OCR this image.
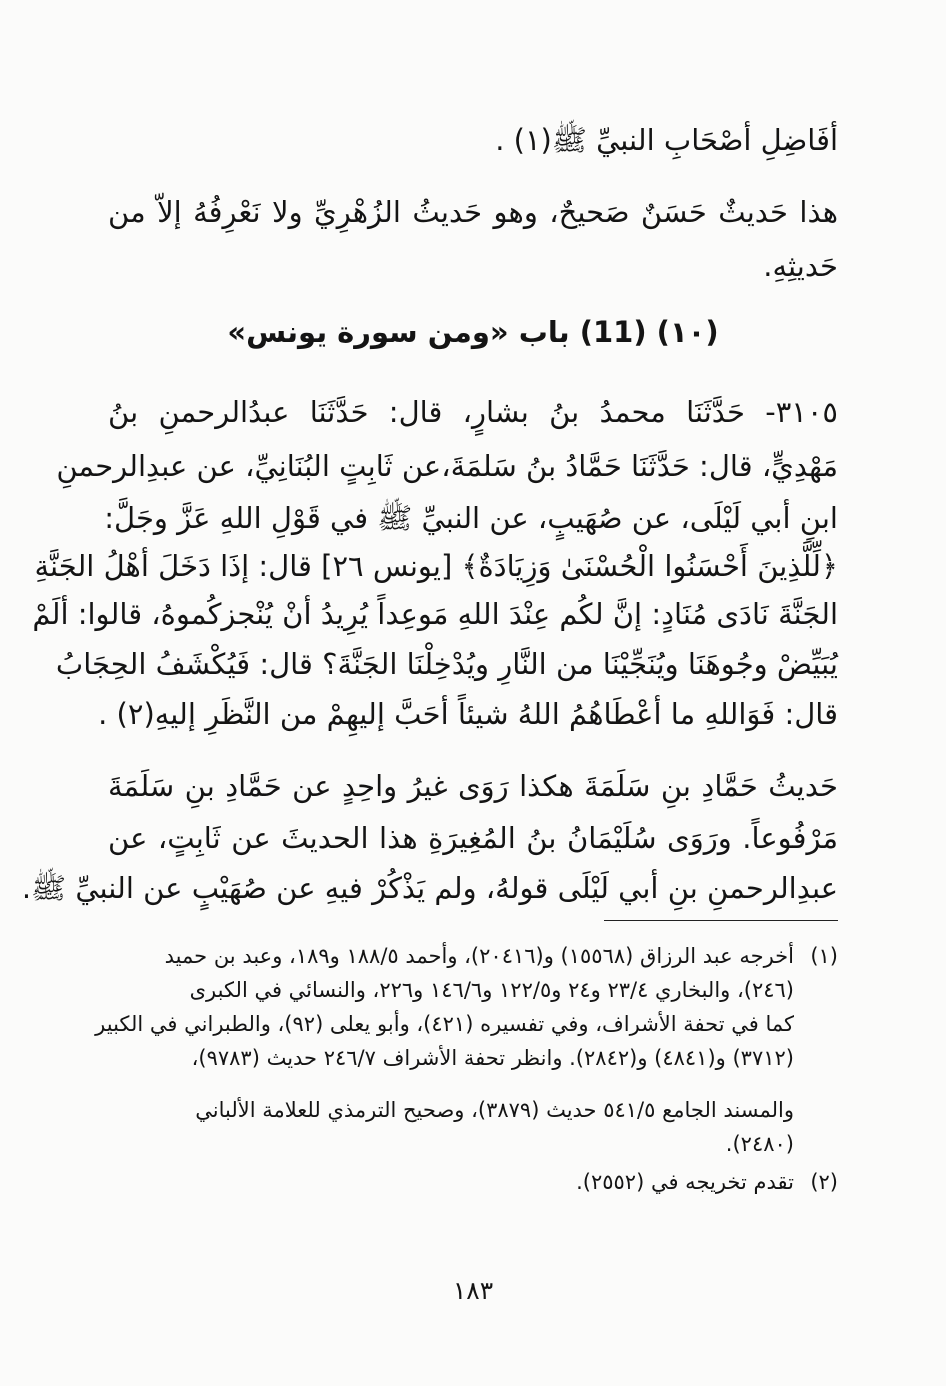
أفَاضِلِ أصْحَابِ النبيِّ ﷺ(١) .
هذا حَديثٌ حَسَنٌ صَحيحٌ، وهو حَديثُ الزُهْرِيِّ ولا نَعْرِفُهُ إلاّ من
حَديثِهِ.
(١٠) (11) باب «ومن سورة يونس»
٣١٠٥- حَدَّثَنَا محمدُ بنُ بشارٍ، قال: حَدَّثَنَا عبدُالرحمنِ بنُ
مَهْدِيٍّ، قال: حَدَّثَنَا حَمَّادُ بنُ سَلمَةَ،عن ثَابِتٍ البُنَانِيِّ، عن عبدِالرحمنِ
ابنِ أبي لَيْلَى، عن صُهَيبٍ، عن النبيِّ ﷺ في قَوْلِ اللهِ عَزَّ وجَلَّ:
﴿لِّلَّذِينَ أَحْسَنُوا الْحُسْنَىٰ وَزِيَادَةٌ﴾ [يونس ٢٦] قال: إذَا دَخَلَ أهْلُ الجَنَّةِ
الجَنَّةَ نَادَى مُنَادٍ: إنَّ لكُم عِنْدَ اللهِ مَوعِداً يُرِيدُ أنْ يُنْجزكُموهُ، قالوا: ألَمْ
يُبَيِّضْ وجُوهَنَا ويُنَجِّيْنَا من النَّارِ ويُدْخِلْنَا الجَنَّةَ؟ قال: فَيُكْشَفُ الحِجَابُ
قال: فَوَاللهِ ما أعْطَاهُمُ اللهُ شيئاً أحَبَّ إليهِمْ من النَّظَرِ إليهِ(٢) .
حَديثُ حَمَّادِ بنِ سَلَمَةَ هكذا رَوَى غيرُ واحِدٍ عن حَمَّادِ بنِ سَلَمَةَ
مَرْفُوعاً. ورَوَى سُلَيْمَانُ بنُ المُغِيرَةِ هذا الحديثَ عن ثَابِتٍ، عن
عبدِالرحمنِ بنِ أبي لَيْلَى قولهُ، ولم يَذْكُرْ فيهِ عن صُهَيْبٍ عن النبيِّ ﷺ.
(١)أخرجه عبد الرزاق (١٥٥٦٨) و(٢٠٤١٦)، وأحمد ١٨٨/٥ و١٨٩، وعبد بن حميد
(٢٤٦)، والبخاري ٢٣/٤ و٢٤ و١٢٢/٥ و١٤٦/٦ و٢٢٦، والنسائي في الكبرى
كما في تحفة الأشراف، وفي تفسيره (٤٢١)، وأبو يعلى (٩٢)، والطبراني في الكبير
(٣٧١٢) و(٤٨٤١) و(٢٨٤٢). وانظر تحفة الأشراف ٢٤٦/٧ حديث (٩٧٨٣)،
والمسند الجامع ٥٤١/٥ حديث (٣٨٧٩)، وصحيح الترمذي للعلامة الألباني
(٢٤٨٠).
(٢)تقدم تخريجه في (٢٥٥٢).
١٨٣
